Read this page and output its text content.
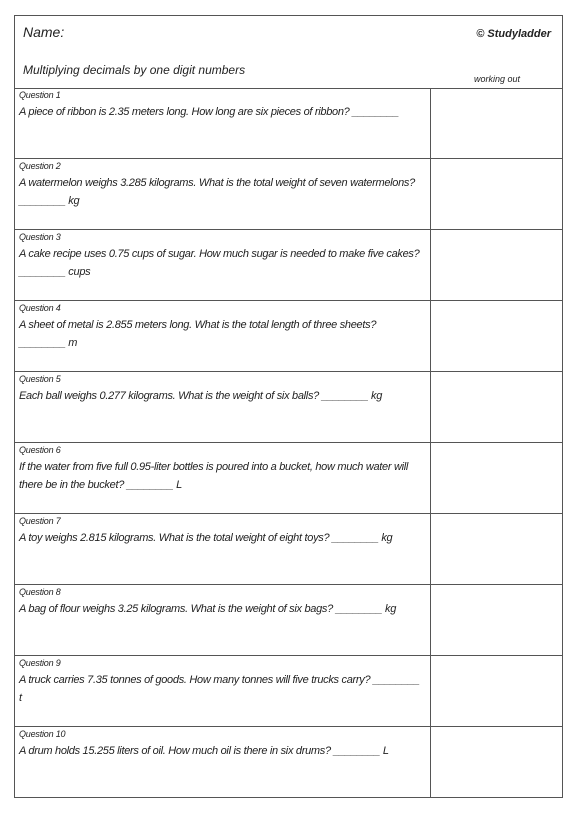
Name:	© Studyladder
Multiplying decimals by one digit numbers
working out
Question 1
A piece of ribbon is 2.35 meters long. How long are six pieces of ribbon? ________
Question 2
A watermelon weighs 3.285 kilograms. What is the total weight of seven watermelons? ________ kg
Question 3
A cake recipe uses 0.75 cups of sugar. How much sugar is needed to make five cakes? ________ cups
Question 4
A sheet of metal is 2.855 meters long. What is the total length of three sheets? ________ m
Question 5
Each ball weighs 0.277 kilograms. What is the weight of six balls? ________ kg
Question 6
If the water from five full 0.95-liter bottles is poured into a bucket, how much water will there be in the bucket? ________ L
Question 7
A toy weighs 2.815 kilograms. What is the total weight of eight toys? ________ kg
Question 8
A bag of flour weighs 3.25 kilograms. What is the weight of six bags? ________ kg
Question 9
A truck carries 7.35 tonnes of goods. How many tonnes will five trucks carry? ________ t
Question 10
A drum holds 15.255 liters of oil. How much oil is there in six drums? ________ L
